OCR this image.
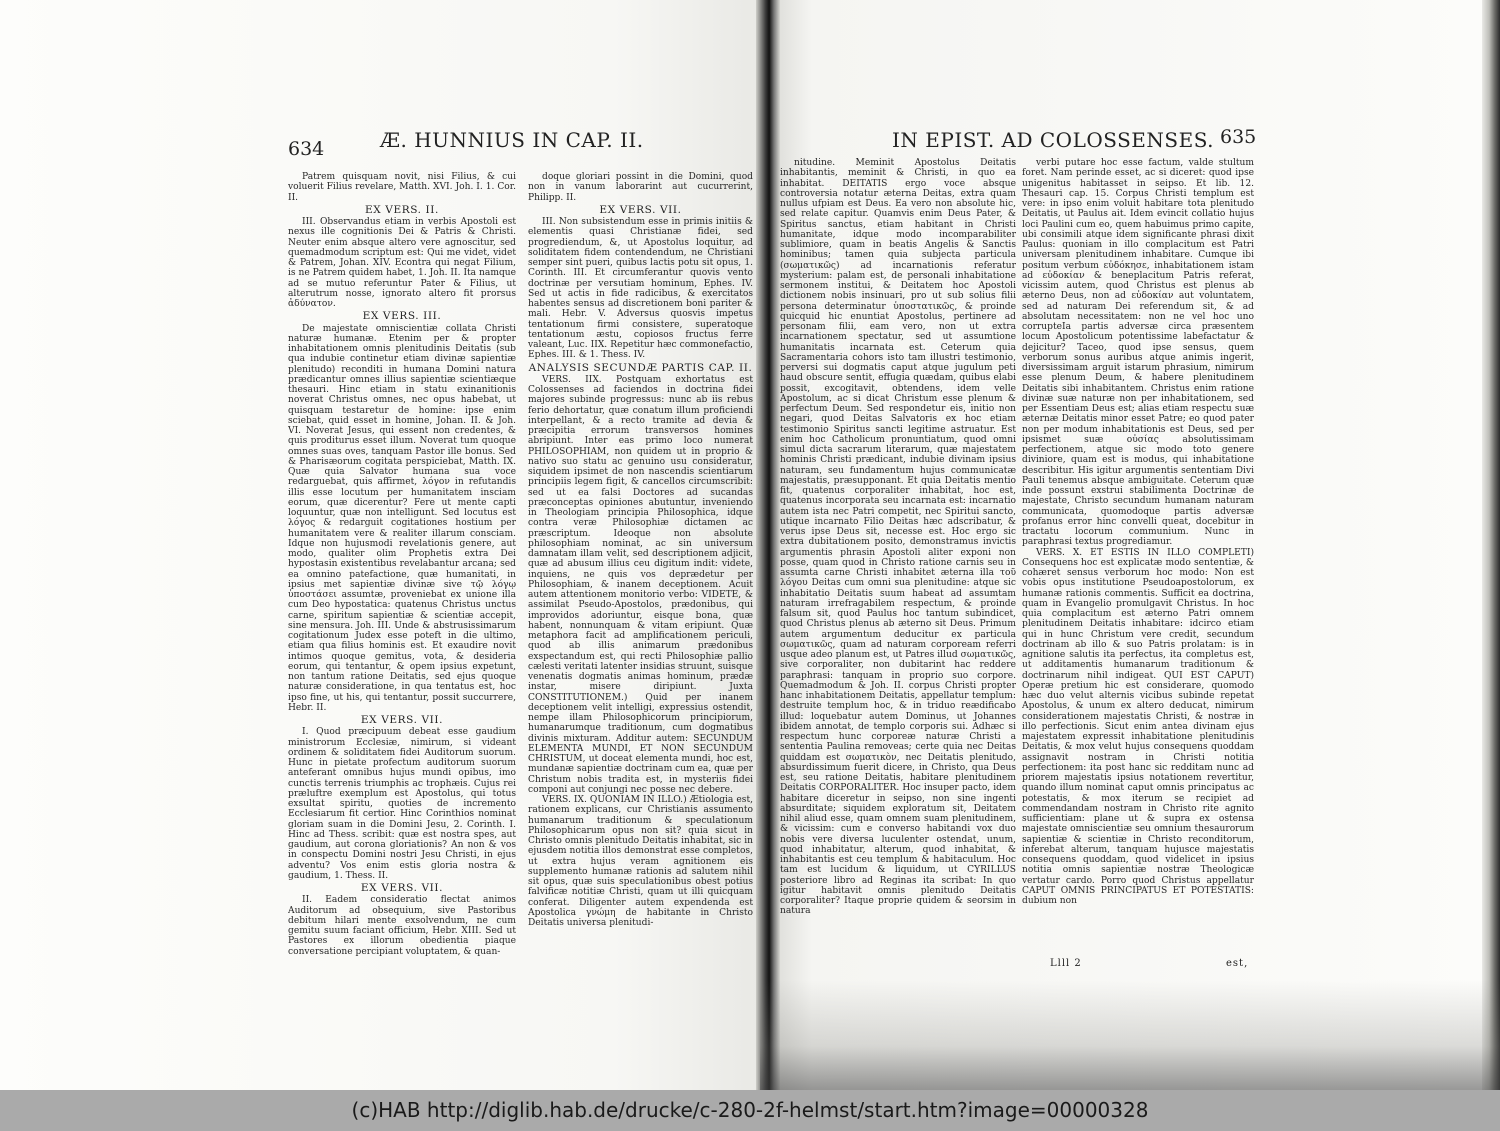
634	Æ. HUNNIUS IN CAP. II.

Patrem quisquam novit, nisi Filius, & cui voluerit Filius revelare, Matth. XVI. Joh. I. 1. Cor. II.

EX VERS. II.

III. Observandus etiam in verbis Apostoli est nexus ille cognitionis Dei & Patris & Christi. Neuter enim absque altero vere agnoscitur, sed quemadmodum scriptum est: Qui me videt, videt & Patrem, Johan. XIV. Econtra qui negat Filium, is ne Patrem quidem habet, 1. Joh. II. Ita namque ad se mutuo referuntur Pater & Filius, ut alterutrum nosse, ignorato altero fit prorsus ἀδύνατον.

EX VERS. III.

De majestate omniscientiæ collata Christi naturæ humanæ. Etenim per & propter inhabitationem omnis plenitudinis Deitatis (sub qua indubie continetur etiam divinæ sapientiæ plenitudo) reconditi in humana Domini natura prædicantur omnes illius sapientiæ scientiæque thesauri. Hinc etiam in statu exinanitionis noverat Christus omnes, nec opus habebat, ut quisquam testaretur de homine: ipse enim sciebat, quid esset in homine, Johan. II. & Joh. VI. Noverat Jesus, qui essent non credentes, & quis proditurus esset illum. Noverat tum quoque omnes suas oves, tanquam Pastor ille bonus. Sed & Pharisæorum cogitata perspiciebat, Matth. IX. Quæ quia Salvator humana sua voce redarguebat, quis affirmet, λόγον in refutandis illis esse locutum per humanitatem insciam eorum, quæ dicerentur? Fere ut mente capti loquuntur, quæ non intelligunt. Sed locutus est λόγος & redarguit cogitationes hostium per humanitatem vere & realiter illarum consciam. Idque non hujusmodi revelationis genere, aut modo, qualiter olim Prophetis extra Dei hypostasin existentibus revelabantur arcana; sed ea omnino patefactione, quæ humanitati, in ipsius met sapientiæ divinæ sive τῷ λόγῳ ὑποστάσει assumtæ, proveniebat ex unione illa cum Deo hypostatica: quatenus Christus unctus carne, spiritum sapientiæ & scientiæ accepit, sine mensura. Joh. III. Unde & abstrusissimarum cogitationum Judex esse poteft in die ultimo, etiam qua filius hominis est. Et exaudire novit intimos quoque gemitus, vota, & desideria eorum, qui tentantur, & opem ipsius expetunt, non tantum ratione Deitatis, sed ejus quoque naturæ consideratione, in qua tentatus est, hoc ipso fine, ut his, qui tentantur, possit succurrere, Hebr. II.

EX VERS. VII.

I. Quod præcipuum debeat esse gaudium ministrorum Ecclesiæ, nimirum, si videant ordinem & soliditatem fidei Auditorum suorum. Hunc in pietate profectum auditorum suorum anteferant omnibus hujus mundi opibus, imo cunctis terrenis triumphis ac trophæis. Cujus rei præluftre exemplum est Apostolus, qui totus exsultat spiritu, quoties de incremento Ecclesiarum fit certior. Hinc Corinthios nominat gloriam suam in die Domini Jesu, 2. Corinth. I. Hinc ad Thess. scribit: quæ est nostra spes, aut gaudium, aut corona gloriationis? An non & vos in conspectu Domini nostri Jesu Christi, in ejus adventu? Vos enim estis gloria nostra & gaudium, 1. Thess. II.

EX VERS. VII.

II. Eadem consideratio flectat animos Auditorum ad obsequium, sive Pastoribus debitum hilari mente exsolvendum, ne cum gemitu suum faciant officium, Hebr. XIII. Sed ut Pastores ex illorum obedientia piaque conversatione percipiant voluptatem, & quan-

doque gloriari possint in die Domini, quod non in vanum laborarint aut cucurrerint, Philipp. II.

EX VERS. VII.

III. Non subsistendum esse in primis initiis & elementis quasi Christianæ fidei, sed progrediendum, &, ut Apostolus loquitur, ad soliditatem fidem contendendum, ne Christiani semper sint pueri, quibus lactis potu sit opus, 1. Corinth. III. Et circumferantur quovis vento doctrinæ per versutiam hominum, Ephes. IV. Sed ut actis in fide radicibus, & exercitatos habentes sensus ad discretionem boni pariter & mali. Hebr. V. Adversus quosvis impetus tentationum firmi consistere, superatoque tentationum æstu, copiosos fructus ferre valeant, Luc. IIX. Repetitur hæc commonefactio, Ephes. III. & 1. Thess. IV.

ANALYSIS SECUNDÆ PARTIS CAP. II.

VERS. IIX. Postquam exhortatus est Colossenses ad faciendos in doctrina fidei majores subinde progressus: nunc ab iis rebus ferio dehortatur, quæ conatum illum proficiendi interpellant, & a recto tramite ad devia & præcipitia errorum transversos homines abripiunt. Inter eas primo loco numerat PHILOSOPHIAM, non quidem ut in proprio & nativo suo statu ac genuino usu consideratur, siquidem ipsimet de non nascendis scientiarum principiis legem figit, & cancellos circumscribit: sed ut ea falsi Doctores ad sucandas præconceptas opiniones abutuntur, inveniendo in Theologiam principia Philosophica, idque contra veræ Philosophiæ dictamen ac præscriptum. Ideoque non absolute philosophiam nominat, ac sin universum damnatam illam velit, sed descriptionem adjicit, quæ ad abusum illius ceu digitum indit: videte, inquiens, ne quis vos deprædetur per Philosophiam, & inanem deceptionem. Acuit autem attentionem monitorio verbo: VIDETE, & assimilat Pseudo-Apostolos, prædonibus, qui improvidos adoriuntur, eisque bona, quæ habent, nonnunquam & vitam eripiunt. Quæ metaphora facit ad amplificationem periculi, quod ab illis animarum prædonibus exspectandum est, qui recti Philosophiæ pallio cælesti veritati latenter insidias struunt, suisque venenatis dogmatis animas hominum, prædæ instar, misere diripiunt. Juxta CONSTITUTIONEM.) Quid per inanem deceptionem velit intelligi, expressius ostendit, nempe illam Philosophicorum principiorum, humanarumque traditionum, cum dogmatibus divinis mixturam. Additur autem: SECUNDUM ELEMENTA MUNDI, ET NON SECUNDUM CHRISTUM, ut doceat elementa mundi, hoc est, mundanæ sapientiæ doctrinam cum ea, quæ per Christum nobis tradita est, in mysteriis fidei componi aut conjungi nec posse nec debere.

VERS. IX. QUONIAM IN ILLO.) Ætiologia est, rationem explicans, cur Christianis assumento humanarum traditionum & speculationum Philosophicarum opus non sit? quia sicut in Christo omnis plenitudo Deitatis inhabitat, sic in ejusdem notitia illos demonstrat esse completos, ut extra hujus veram agnitionem eis supplemento humanæ rationis ad salutem nihil sit opus, quæ suis speculationibus obest potius falvificæ notitiæ Christi, quam ut illi quicquam conferat. Diligenter autem expendenda est Apostolica γνώμη de habitante in Christo Deitatis universa plenitudi-

IN EPIST. AD COLOSSENSES. 635

nitudine. Meminit Apostolus Deitatis inhabitantis, meminit & Christi, in quo ea inhabitat. DEITATIS ergo voce absque controversia notatur æterna Deitas, extra quam nullus ufpiam est Deus. Ea vero non absolute hic, sed relate capitur. Quamvis enim Deus Pater, & Spiritus sanctus, etiam habitant in Christi humanitate, idque modo incomparabiliter sublimiore, quam in beatis Angelis & Sanctis hominibus; tamen quia subjecta particula (σωματικῶς) ad incarnationis referatur mysterium: palam est, de personali inhabitatione sermonem institui, & Deitatem hoc Apostoli dictionem nobis insinuari, pro ut sub solius filii persona determinatur ὑποστατικῶς, & proinde quicquid hic enuntiat Apostolus, pertinere ad personam filii, eam vero, non ut extra incarnationem spectatur, sed ut assumtione humanitatis incarnata est. Ceterum quia Sacramentaria cohors isto tam illustri testimonio, perversi sui dogmatis caput atque jugulum peti haud obscure sentit, effugia quædam, quibus elabi possit, excogitavit, obtendens, idem velle Apostolum, ac si dicat Christum esse plenum & perfectum Deum. Sed respondetur eis, initio non negari, quod Deitas Salvatoris ex hoc etiam testimonio Spiritus sancti legitime astruatur. Est enim hoc Catholicum pronuntiatum, quod omni simul dicta sacrarum literarum, quæ majestatem hominis Christi prædicant, indubie divinam ipsius naturam, seu fundamentum hujus communicatæ majestatis, præsupponant. Et quia Deitatis mentio fit, quatenus corporaliter inhabitat, hoc est, quatenus incorporata seu incarnata est: incarnatio autem ista nec Patri competit, nec Spiritui sancto, utique incarnato Filio Deitas hæc adscribatur, & verus ipse Deus sit, necesse est. Hoc ergo sic extra dubitationem posito, demonstramus invictis argumentis phrasin Apostoli aliter exponi non posse, quam quod in Christo ratione carnis seu in assumta carne Christi inhabitet æterna illa τοῦ λόγου Deitas cum omni sua plenitudine: atque sic inhabitatio Deitatis suum habeat ad assumtam naturam irrefragabilem respectum, & proinde falsum sit, quod Paulus hoc tantum subindicet, quod Christus plenus ab æterno sit Deus. Primum autem argumentum deducitur ex particula σωματικῶς, quam ad naturam corpoream referri usque adeo planum est, ut Patres illud σωματικῶς, sive corporaliter, non dubitarint hac reddere paraphrasi: tanquam in proprio suo corpore. Quemadmodum & Joh. II. corpus Christi propter hanc inhabitationem Deitatis, appellatur templum: destruite templum hoc, & in triduo reædificabo illud: loquebatur autem Dominus, ut Johannes ibidem annotat, de templo corporis sui. Adhæc si respectum hunc corporeæ naturæ Christi a sententia Paulina removeas; certe quia nec Deitas quiddam est σωματικὸν, nec Deitatis plenitudo, absurdissimum fuerit dicere, in Christo, qua Deus est, seu ratione Deitatis, habitare plenitudinem Deitatis CORPORALITER. Hoc insuper pacto, idem habitare diceretur in seipso, non sine ingenti absurditate; siquidem exploratum sit, Deitatem nihil aliud esse, quam omnem suam plenitudinem, & vicissim: cum e converso habitandi vox duo nobis vere diversa luculenter ostendat, unum, quod inhabitatur, alterum, quod inhabitat, & inhabitantis est ceu templum & habitaculum. Hoc tam est lucidum & liquidum, ut CYRILLUS posteriore libro ad Reginas ita scribat: In quo igitur habitavit omnis plenitudo Deitatis corporaliter? Itaque proprie quidem & seorsim in natura

verbi putare hoc esse factum, valde stultum foret. Nam perinde esset, ac si diceret: quod ipse unigenitus habitasset in seipso. Et lib. 12. Thesauri cap. 15. Corpus Christi templum est vere: in ipso enim voluit habitare tota plenitudo Deitatis, ut Paulus ait. Idem evincit collatio hujus loci Paulini cum eo, quem habuimus primo capite, ubi consimili atque idem significante phrasi dixit Paulus: quoniam in illo complacitum est Patri universam plenitudinem inhabitare. Cumque ibi positum verbum εὐδόκησε, inhabitationem istam ad εὐδοκίαν & beneplacitum Patris referat, vicissim autem, quod Christus est plenus ab æterno Deus, non ad εὐδοκίαν aut voluntatem, sed ad naturam Dei referendum sit, & ad absolutam necessitatem: non ne vel hoc uno corrupteIa partis adversæ circa præsentem locum Apostolicum potentissime labefactatur & dejicitur? Taceo, quod ipse sensus, quem verborum sonus auribus atque animis ingerit, diversissimam arguit istarum phrasium, nimirum esse plenum Deum, & habere plenitudinem Deitatis sibi inhabitantem. Christus enim ratione divinæ suæ naturæ non per inhabitationem, sed per Essentiam Deus est; alias etiam respectu suæ æternæ Deitatis minor esset Patre; eo quod pater non per modum inhabitationis est Deus, sed per ipsismet suæ οὐσίας absolutissimam perfectionem, atque sic modo toto genere diviniore, quam est is modus, qui inhabitatione describitur. His igitur argumentis sententiam Divi Pauli tenemus absque ambiguitate. Ceterum quæ inde possunt exstrui stabilimenta Doctrinæ de majestate, Christo secundum humanam naturam communicata, quomodoque partis adversæ profanus error hinc convelli queat, docebitur in tractatu locorum communium. Nunc in paraphrasi textus progrediamur.

VERS. X. ET ESTIS IN ILLO COMPLETI) Consequens hoc est explicatæ modo sententiæ, & cohæret sensus verborum hoc modo: Non est vobis opus institutione Pseudoapostolorum, ex humanæ rationis commentis. Sufficit ea doctrina, quam in Evangelio promulgavit Christus. In hoc quia complacitum est æterno Patri omnem plenitudinem Deitatis inhabitare: idcirco etiam qui in hunc Christum vere credit, secundum doctrinam ab illo & suo Patris prolatam: is in agnitione salutis ita perfectus, ita completus est, ut additamentis humanarum traditionum & doctrinarum nihil indigeat. QUI EST CAPUT) Operæ pretium hic est considerare, quomodo hæc duo velut alternis vicibus subinde repetat Apostolus, & unum ex altero deducat, nimirum considerationem majestatis Christi, & nostræ in illo perfectionis. Sicut enim antea divinam ejus majestatem expressit inhabitatione plenitudinis Deitatis, & mox velut hujus consequens quoddam assignavit nostram in Christi notitia perfectionem: ita post hanc sic redditam nunc ad priorem majestatis ipsius notationem revertitur, quando illum nominat caput omnis principatus ac potestatis, & mox iterum se recipiet ad commendandam nostram in Christo rite agnito sufficientiam: plane ut & supra ex ostensa majestate omniscientiæ seu omnium thesaurorum sapientiæ & scientiæ in Christo reconditorum, inferebat alterum, tanquam hujusce majestatis consequens quoddam, quod videlicet in ipsius notitia omnis sapientiæ nostræ Theologicæ vertatur cardo. Porro quod Christus appellatur CAPUT OMNIS PRINCIPATUS ET POTESTATIS: dubium non

Llll 2	est,
(c)HAB http://diglib.hab.de/drucke/c-280-2f-helmst/start.htm?image=00000328
